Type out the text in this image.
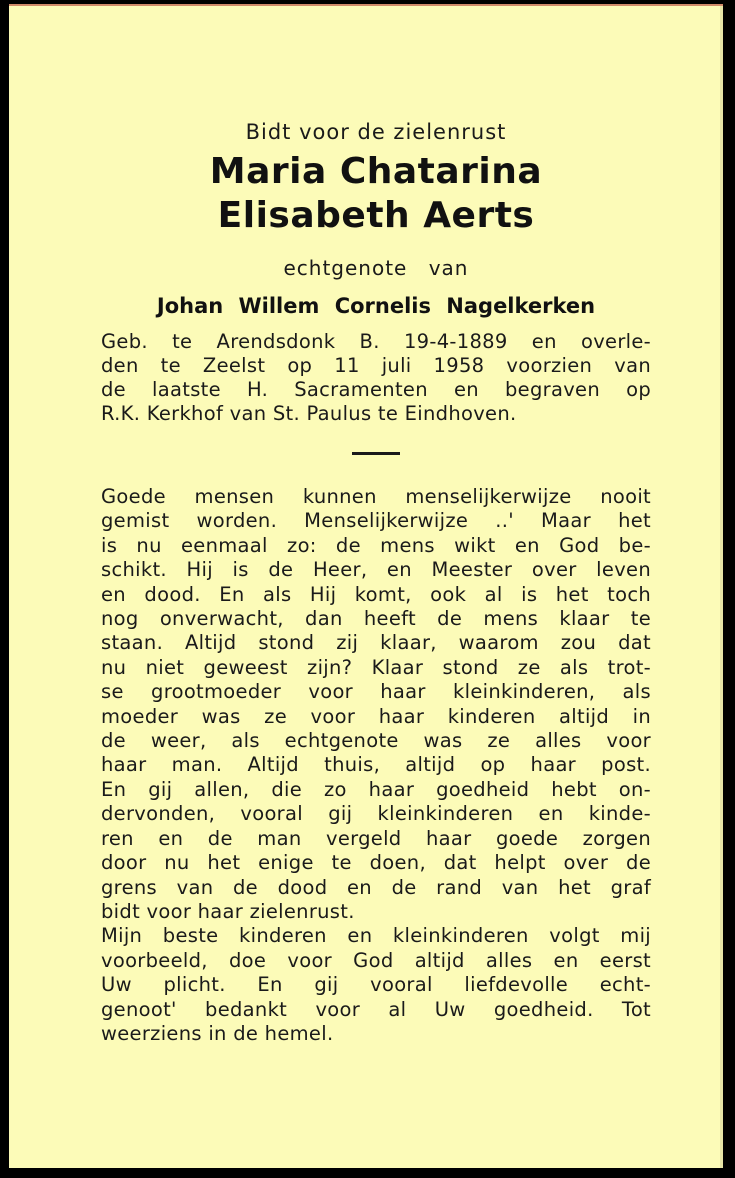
Bidt voor de zielenrust
Maria Chatarina
Elisabeth Aerts
echtgenote van
Johan Willem Cornelis Nagelkerken

Geb. te Arendsdonk B. 19-4-1889 en overle-

den te Zeelst op 11 juli 1958 voorzien van

de laatste H. Sacramenten en begraven op

R.K. Kerkhof van St. Paulus te Eindhoven.

Goede mensen kunnen menselijkerwijze nooit
gemist worden. Menselijkerwijze ..' Maar het
is nu eenmaal zo: de mens wikt en God be-
schikt. Hij is de Heer, en Meester over leven
en dood. En als Hij komt, ook al is het toch
nog onverwacht, dan heeft de mens klaar te
staan. Altijd stond zij klaar, waarom zou dat
nu niet geweest zijn? Klaar stond ze als trot-
se grootmoeder voor haar kleinkinderen, als
moeder was ze voor haar kinderen altijd in
de weer, als echtgenote was ze alles voor
haar man. Altijd thuis, altijd op haar post.
En gij allen, die zo haar goedheid hebt on-
dervonden, vooral gij kleinkinderen en kinde-
ren en de man vergeld haar goede zorgen
door nu het enige te doen, dat helpt over de
grens van de dood en de rand van het graf
bidt voor haar zielenrust.
Mijn beste kinderen en kleinkinderen volgt mij
voorbeeld, doe voor God altijd alles en eerst
Uw plicht. En gij vooral liefdevolle echt-
genoot' bedankt voor al Uw goedheid. Tot
weerziens in de hemel.
